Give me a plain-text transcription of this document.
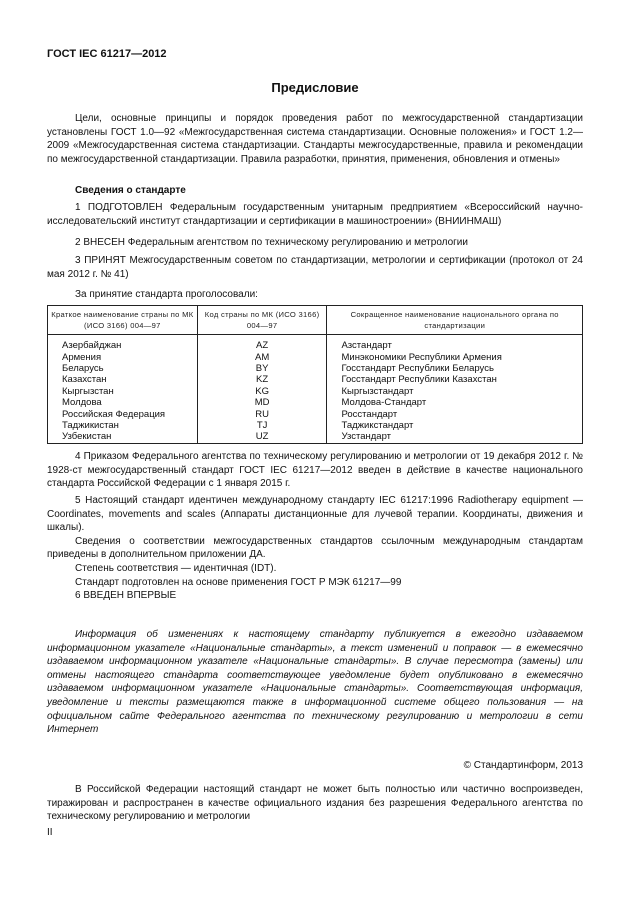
ГОСТ IEC 61217—2012
Предисловие

Цели, основные принципы и порядок проведения работ по межгосударственной стандартизации установлены ГОСТ 1.0—92 «Межгосударственная система стандартизации. Основные положения» и ГОСТ 1.2—2009 «Межгосударственная система стандартизации. Стандарты межгосударственные, правила и рекомендации по межгосударственной стандартизации. Правила разработки, принятия, применения, обновления и отмены»

Сведения о стандарте

1 ПОДГОТОВЛЕН Федеральным государственным унитарным предприятием «Всероссийский научно-исследовательский институт стандартизации и сертификации в машиностроении» (ВНИИНМАШ)

2 ВНЕСЕН Федеральным агентством по техническому регулированию и метрологии

3 ПРИНЯТ Межгосударственным советом по стандартизации, метрологии и сертификации (протокол от 24 мая 2012 г. № 41)

За принятие стандарта проголосовали:

Краткое наименование страны по МК (ИСО 3166) 004—97	Код страны по МК (ИСО 3166) 004—97	Сокращенное наименование национального органа по стандартизации
Азербайджан	AZ	Азстандарт
Армения	AM	Минэкономики Республики Армения
Беларусь	BY	Госстандарт Республики Беларусь
Казахстан	KZ	Госстандарт Республики Казахстан
Кыргызстан	KG	Кыргызстандарт
Молдова	MD	Молдова-Стандарт
Российская Федерация	RU	Росстандарт
Таджикистан	TJ	Таджикстандарт
Узбекистан	UZ	Узстандарт

4 Приказом Федерального агентства по техническому регулированию и метрологии от 19 декабря 2012 г. № 1928-ст межгосударственный стандарт ГОСТ IEC 61217—2012 введен в действие в качестве национального стандарта Российской Федерации с 1 января 2015 г.

5 Настоящий стандарт идентичен международному стандарту IEC 61217:1996 Radiotherapy equipment — Coordinates, movements and scales (Аппараты дистанционные для лучевой терапии. Координаты, движения и шкалы).

Сведения о соответствии межгосударственных стандартов ссылочным международным стандартам приведены в дополнительном приложении ДА.

Степень соответствия — идентичная (IDT).

Стандарт подготовлен на основе применения ГОСТ Р МЭК 61217—99

6 ВВЕДЕН ВПЕРВЫЕ

Информация об изменениях к настоящему стандарту публикуется в ежегодно издаваемом информационном указателе «Национальные стандарты», а текст изменений и поправок — в ежемесячно издаваемом информационном указателе «Национальные стандарты». В случае пересмотра (замены) или отмены настоящего стандарта соответствующее уведомление будет опубликовано в ежемесячно издаваемом информационном указателе «Национальные стандарты». Соответствующая информация, уведомление и тексты размещаются также в информационной системе общего пользования — на официальном сайте Федерального агентства по техническому регулированию и метрологии в сети Интернет

© Стандартинформ, 2013

В Российской Федерации настоящий стандарт не может быть полностью или частично воспроизведен, тиражирован и распространен в качестве официального издания без разрешения Федерального агентства по техническому регулированию и метрологии

II
